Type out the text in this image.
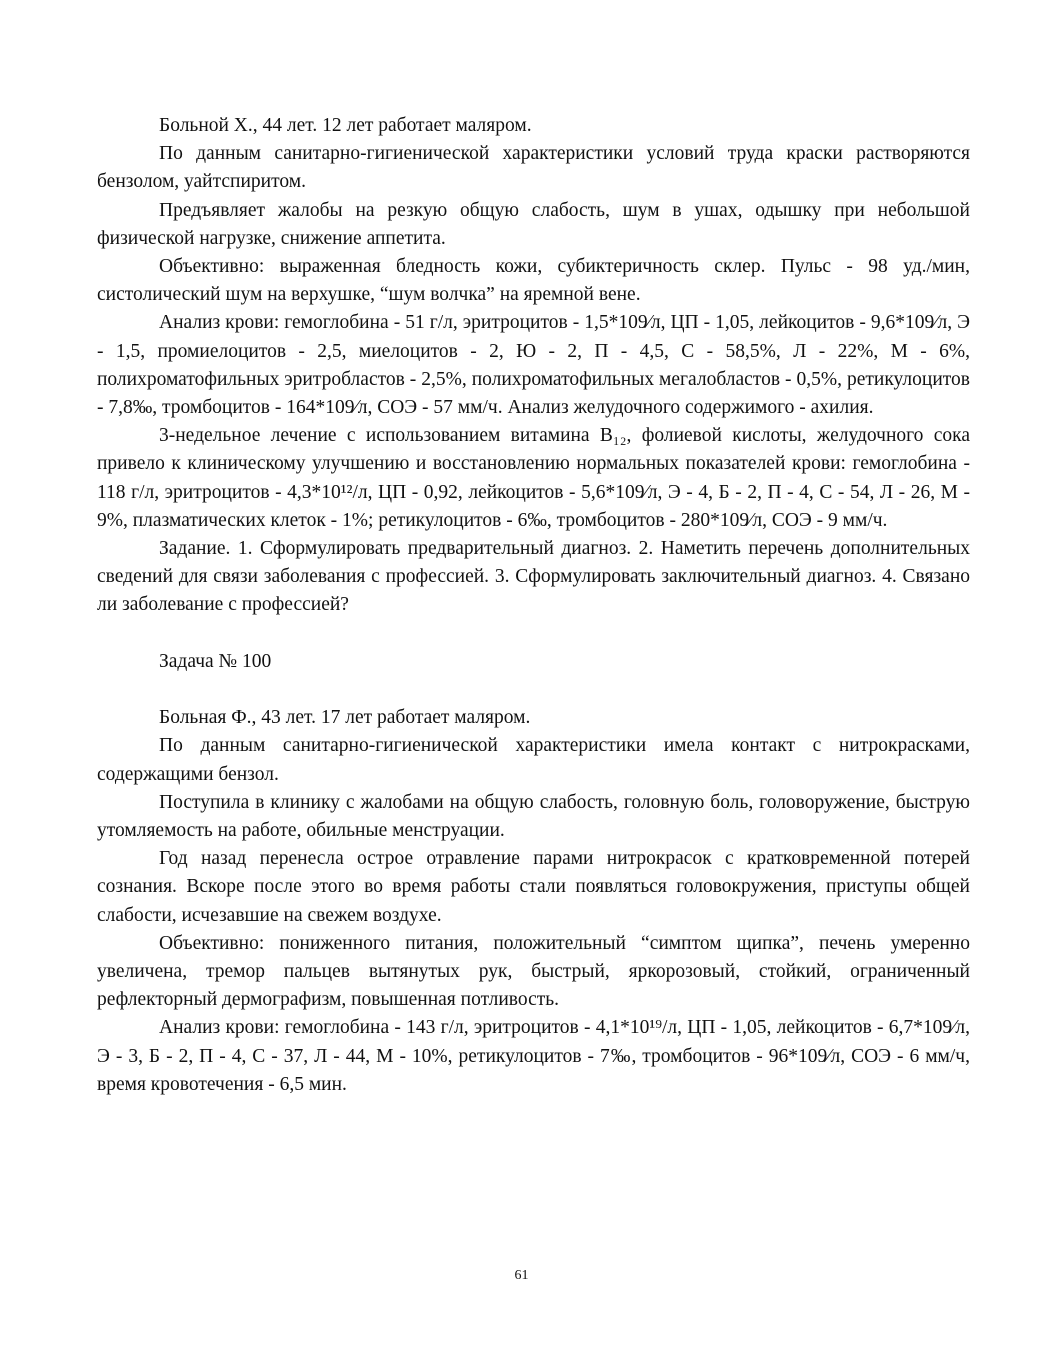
Больной Х., 44 лет. 12 лет работает маляром.

По данным санитарно-гигиенической характеристики условий труда краски растворяются бензолом, уайтспиритом.

Предъявляет жалобы на резкую общую слабость, шум в ушах, одышку при небольшой физической нагрузке, снижение аппетита.

Объективно: выраженная бледность кожи, субиктеричность склер. Пульс - 98 уд./мин, систолический шум на верхушке, “шум волчка” на яремной вене.

Анализ крови: гемоглобина - 51 г/л, эритроцитов - 1,5*109⁄л, ЦП - 1,05, лейкоцитов - 9,6*109⁄л, Э - 1,5, промиелоцитов - 2,5, миелоцитов - 2, Ю - 2, П - 4,5, С - 58,5%, Л - 22%, М - 6%, полихроматофильных эритробластов - 2,5%, полихроматофильных мегалобластов - 0,5%, ретикулоцитов - 7,8‰, тромбоцитов - 164*109⁄л, СОЭ - 57 мм/ч. Анализ желудочного содержимого - ахилия.

3-недельное лечение с использованием витамина B₁₂, фолиевой кислоты, желудочного сока привело к клиническому улучшению и восстановлению нормальных показателей крови: гемоглобина - 118 г/л, эритроцитов - 4,3*10¹²/л, ЦП - 0,92, лейкоцитов - 5,6*109⁄л, Э - 4, Б - 2, П - 4, С - 54, Л - 26, М - 9%, плазматических клеток - 1%; ретикулоцитов - 6‰, тромбоцитов - 280*109⁄л, СОЭ - 9 мм/ч.

Задание. 1. Сформулировать предварительный диагноз. 2. Наметить перечень дополнительных сведений для связи заболевания с профессией. 3. Сформулировать заключительный диагноз. 4. Связано ли заболевание с профессией?

Задача № 100

Больная Ф., 43 лет. 17 лет работает маляром.

По данным санитарно-гигиенической характеристики имела контакт с нитрокрасками, содержащими бензол.

Поступила в клинику с жалобами на общую слабость, головную боль, головоружение, быструю утомляемость на работе, обильные менструации.

Год назад перенесла острое отравление парами нитрокрасок с кратковременной потерей сознания. Вскоре после этого во время работы стали появляться головокружения, приступы общей слабости, исчезавшие на свежем воздухе.

Объективно: пониженного питания, положительный “симптом щипка”, печень умеренно увеличена, тремор пальцев вытянутых рук, быстрый, яркорозовый, стойкий, ограниченный рефлекторный дермографизм, повышенная потливость.

Анализ крови: гемоглобина - 143 г/л, эритроцитов - 4,1*10¹⁹/л, ЦП - 1,05, лейкоцитов - 6,7*109⁄л, Э - 3, Б - 2, П - 4, С - 37, Л - 44, М - 10%, ретикулоцитов - 7‰, тромбоцитов - 96*109⁄л, СОЭ - 6 мм/ч, время кровотечения - 6,5 мин.

61
